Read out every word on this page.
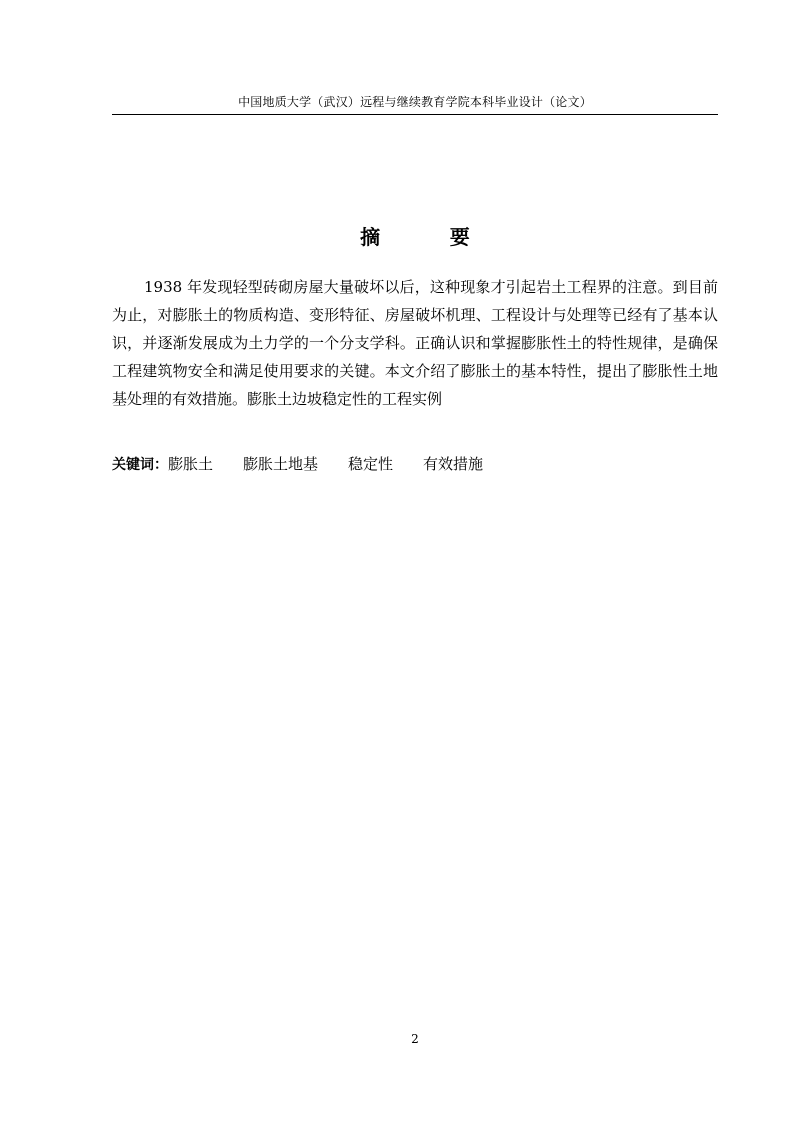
中国地质大学（武汉）远程与继续教育学院本科毕业设计（论文）
摘          要

1938 年发现轻型砖砌房屋大量破坏以后，这种现象才引起岩土工程界的注意。到目前为止，对膨胀土的物质构造、变形特征、房屋破坏机理、工程设计与处理等已经有了基本认识，并逐渐发展成为土力学的一个分支学科。正确认识和掌握膨胀性土的特性规律，是确保工程建筑物安全和满足使用要求的关键。本文介绍了膨胀土的基本特性，提出了膨胀性土地基处理的有效措施。膨胀土边坡稳定性的工程实例

关键词：膨胀土 膨胀土地基 稳定性 有效措施
2
